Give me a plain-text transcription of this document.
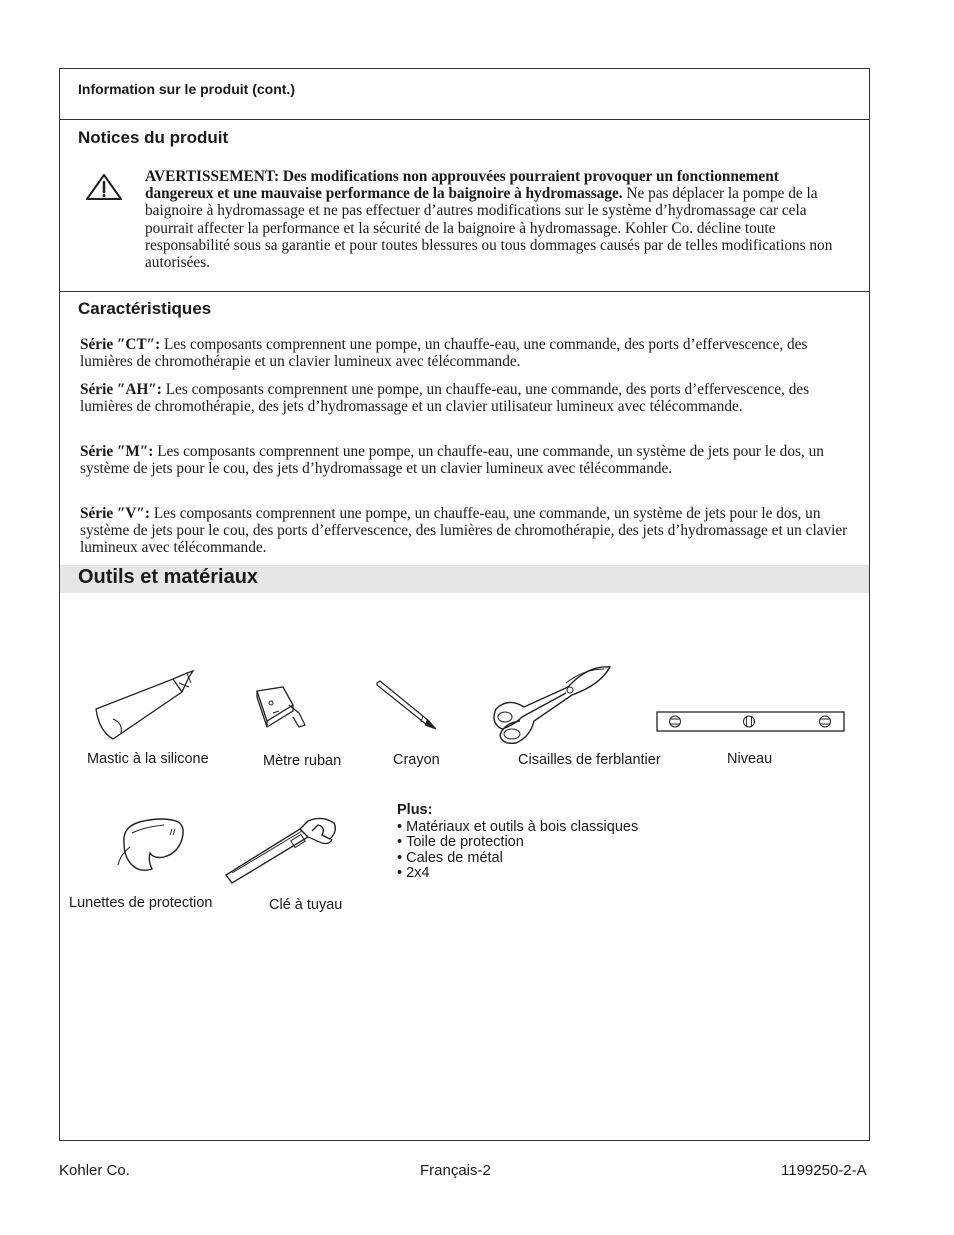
Information sur le produit (cont.)
Notices du produit
AVERTISSEMENT: Des modifications non approuvées pourraient provoquer un fonctionnement dangereux et une mauvaise performance de la baignoire à hydromassage. Ne pas déplacer la pompe de la baignoire à hydromassage et ne pas effectuer d’autres modifications sur le système d’hydromassage car cela pourrait affecter la performance et la sécurité de la baignoire à hydromassage. Kohler Co. décline toute responsabilité sous sa garantie et pour toutes blessures ou tous dommages causés par de telles modifications non autorisées.
Caractéristiques

Série ″CT″: Les composants comprennent une pompe, un chauffe-eau, une commande, des ports d’effervescence, des lumières de chromothérapie et un clavier lumineux avec télécommande.

Série ″AH″: Les composants comprennent une pompe, un chauffe-eau, une commande, des ports d’effervescence, des lumières de chromothérapie, des jets d’hydromassage et un clavier utilisateur lumineux avec télécommande.

Série ″M″: Les composants comprennent une pompe, un chauffe-eau, une commande, un système de jets pour le dos, un système de jets pour le cou, des jets d’hydromassage et un clavier lumineux avec télécommande.

Série ″V″: Les composants comprennent une pompe, un chauffe-eau, une commande, un système de jets pour le dos, un système de jets pour le cou, des ports d’effervescence, des lumières de chromothérapie, des jets d’hydromassage et un clavier lumineux avec télécommande.

Outils et matériaux
Mastic à la silicone	Mètre ruban	Crayon	Cisailles de ferblantier	Niveau
Lunettes de protection	Clé à tuyau
Plus:
• Matériaux et outils à bois classiques
• Toile de protection
• Cales de métal
• 2x4
Kohler Co.	Français-2	1199250-2-A
